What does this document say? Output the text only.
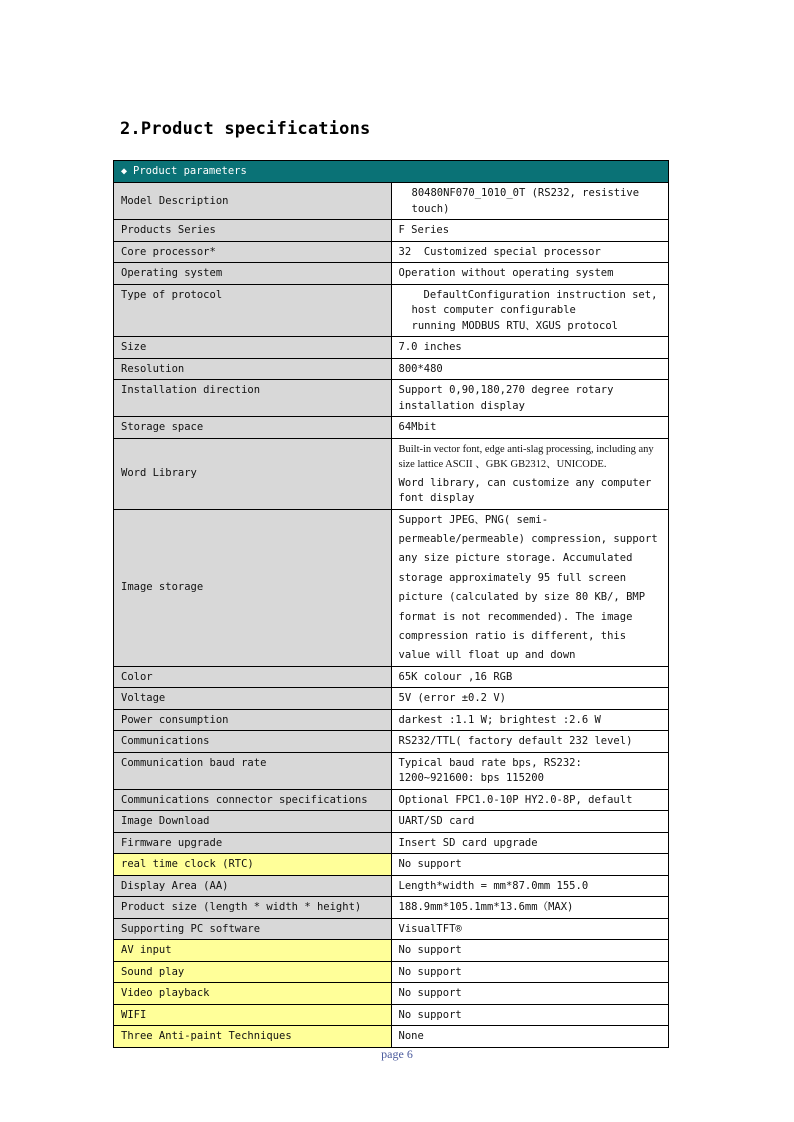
2.Product specifications
◆ Product parameters	
Model Description	80480NF070_1010_0T (RS232, resistive touch)
Products Series	F Series
Core processor*	32 Customized special processor
Operating system	Operation without operating system
Type of protocol	DefaultConfiguration instruction set, host computer configurable
running MODBUS RTU、XGUS protocol

Size	7.0 inches
Resolution	800*480
Installation direction	Support 0,90,180,270 degree rotary installation display
Storage space	64Mbit
Word Library	Built-in vector font, edge anti-slag processing, including any size lattice ASCII 、GBK GB2312、UNICODE.
Word library, can customize any computer font display

Image storage	Support JPEG、PNG( semi-permeable/permeable) compression, support any size picture storage. Accumulated storage approximately 95 full screen picture (calculated by size 80 KB/, BMP format is not recommended). The image compression ratio is different, this value will float up and down
Color	65K colour ,16 RGB
Voltage	5V (error ±0.2 V)
Power consumption	darkest :1.1 W; brightest :2.6 W
Communications	RS232/TTL( factory default 232 level)
Communication baud rate	Typical baud rate bps, RS232: 1200~921600: bps 115200
Communications connector specifications	Optional FPC1.0-10P HY2.0-8P, default
Image Download	UART/SD card
Firmware upgrade	Insert SD card upgrade
real time clock (RTC)	No support
Display Area (AA)	Length*width = mm*87.0mm 155.0
Product size (length * width * height)	188.9mm*105.1mm*13.6mm（MAX)
Supporting PC software	VisualTFT®
AV input	No support
Sound play	No support
Video playback	No support
WIFI	No support
Three Anti-paint Techniques	None
page 6
